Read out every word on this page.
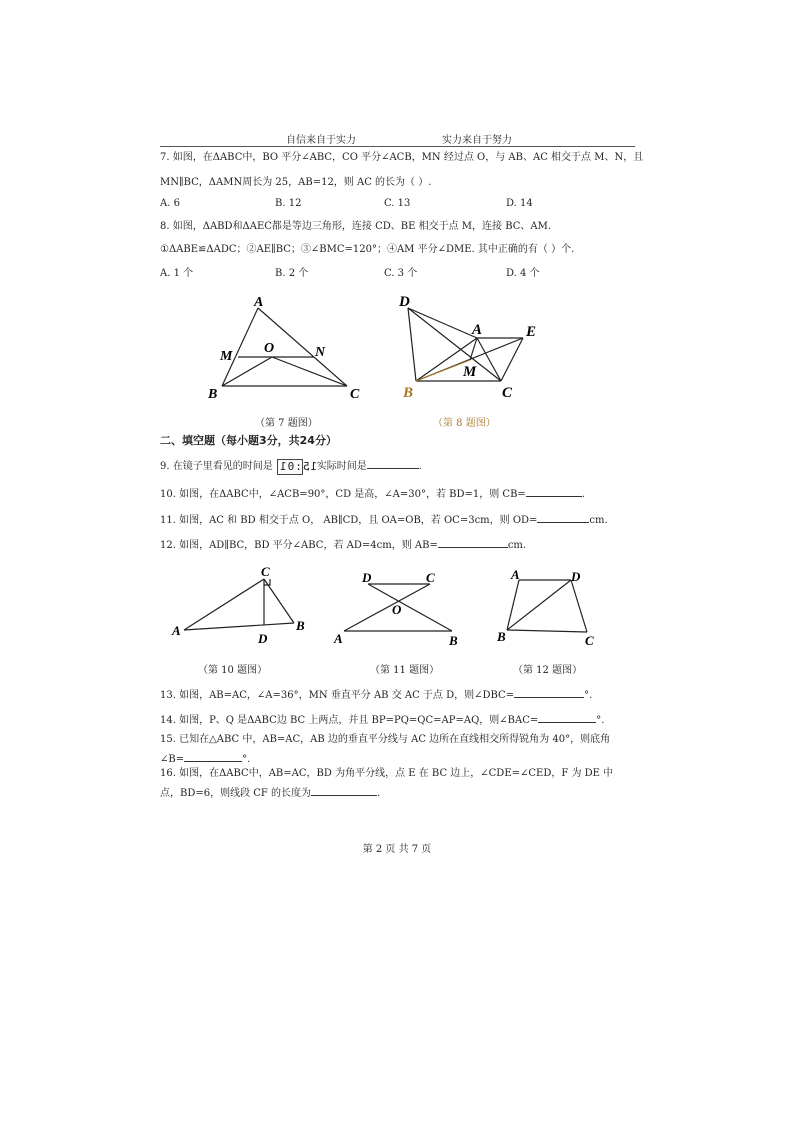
自信来自于实力	实力来自于努力
7. 如图，在ΔABC中，BO 平分∠ABC，CO 平分∠ACB，MN 经过点 O，与 AB、AC 相交于点 M、N，且
MN∥BC，ΔAMN周长为 25，AB=12，则 AC 的长为（ ）.
A. 6	B. 12	C. 13	D. 14
8. 如图，ΔABD和ΔAEC都是等边三角形，连接 CD、BE 相交于点 M，连接 BC、AM.
①ΔABE≌ΔADC；②AE∥BC；③∠BMC=120°；④AM 平分∠DME. 其中正确的有（ ）个.
A. 1 个	B. 2 个	C. 3 个	D. 4 个
A
M
O	N
B	C
（第 7 题图）
D
A	E
M
B	C
（第 8 题图）
二、填空题（每小题3分，共24分）
9. 在镜子里看见的时间是 15:01，实际时间是	.
10. 如图，在ΔABC中，∠ACB=90°，CD 是高，∠A=30°，若 BD=1，则 CB=	.
11. 如图，AC 和 BD 相交于点 O， AB∥CD，且 OA=OB，若 OC=3cm，则 OD=	cm.
12. 如图，AD∥BC，BD 平分∠ABC，若 AD=4cm，则 AB=	cm.
C
A
D
B
（第 10 题图）
D	C
O
A	B
（第 11 题图）
A	D
B	C
（第 12 题图）
13. 如图，AB=AC，∠A=36°，MN 垂直平分 AB 交 AC 于点 D，则∠DBC=	°.
14. 如图，P、Q 是ΔABC边 BC 上两点，并且 BP=PQ=QC=AP=AQ，则∠BAC=	°.
15. 已知在△ABC 中，AB=AC，AB 边的垂直平分线与 AC 边所在直线相交所得锐角为 40°，则底角
∠B=	°.
16. 如图，在ΔABC中，AB=AC，BD 为角平分线，点 E 在 BC 边上，∠CDE=∠CED，F 为 DE 中
点，BD=6，则线段 CF 的长度为	.
第 2 页 共 7 页
